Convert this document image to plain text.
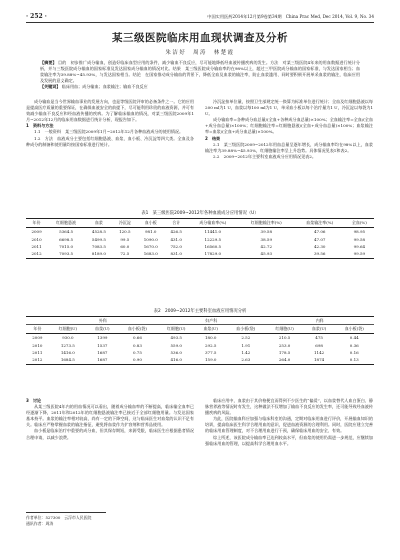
· 252 ·	中国实用医药2014年12月第9卷第34期　China Prac Med, Dec 2014, Vol. 9, No. 34
某三级医院临床用血现状调查及分析
朱洁好　周涛　林楚霞
【摘要】 目的　初步推广成分输血，创造好临床血型应用的条件，减少输血不良反应，尽可能地降低经血液传播疾病的发生。方法　对某三级医院4年来的用血数据进行统计分析，并与三级医院成分输血的国家标准及发达国家成分输血的情况对比。结果　某三级医院成分输血率约在98%以上，超过三甲医院成分输血的国家标准，与发达国家相当；血浆输注率为39.88%~45.93%，与发达国家相当。结论　在国家推动成分输血的背景下，降低全血及血浆的输注率，防止血浆滥用、同时要积极开展单采血浆的输注，临床应用及发展的意义确定。
【关键词】 临床用血；成分输血；血浆输注；输血不良反应

成分输血是当今世界输血事业的发展方向，也是等级医院评审的必备条件之一。它的应用是提高医疗质量的重要保证，在确保血液安全的前提下，尽可能利用珍贵的血液资源，并可有效减少输血不良反应和经血液传播的疾病。为了解临床输血的情况，对某三级医院2009年1月~2012年12月的临床用血数据进行统计分析，现报告如下。

1　资料与方法

1.1　一般资料　某三级医院2009年1月~2012年12月各种血液成分的使用情况。

1.2　方法　血液成分主要包括红细胞悬液、血浆、血小板、冷沉淀等四大类。全血及各种成分的制备和使用量均按国家标准进行统计。

冷沉淀按单位量，按照卫生部规定统一换算为标准单位进行统计；全血及红细胞悬液以每200 ml为1 U，血浆以每100 ml为1 U，单采血小板以每个治疗量为1 U，冷沉淀以每袋为1 U。

成分输血率=各种成分血总量/(全血+各种成分血总量)×100%；全血输注率=全血/(全血+成分血总量)×100%；红细胞输注率=红细胞悬液/(全血+成分血总量)×100%；血浆输注率=血浆/(全血+成分血总量)×100%。

2　结果

2.1　某三级医院2009~2012年用血总量呈逐年增长，成分输血率均在98%以上，血浆输注率为39.88%~45.93%，红细胞输注率呈上升趋势。具体情况见表1和表2。

2.2　2009~2012年主要科室血液成分应用情况见表2。

表1　某三级医院2009~2012年各种血液成分应用情况（U）
年份	红细胞悬液	血浆	冷沉淀	血小板	合计	成分输血率(%)	红细胞输注率(%)	血浆输注率(%)	全血(%)
2009	5364.5	4528.5	120.5	981.0	426.5	11441.0	39.58	47.06	98.95
2010	6698.5	5499.5	99.5	1090.0	431.0	12229.5	38.59	47.07	99.58
2011	7015.0	7083.5	60.0	1670.0	752.0	16560.5	42.72	42.30	99.64
2012	7093.5	8189.0	72.5	1683.0	831.0	17829.0	45.93	39.56	99.59
表2　2009~2012年主要科室血液应用情况分析
	外科			妇产科			内科		
年份	红细胞(U)	血浆(U)	血小板(袋)	红细胞(U)	血浆(U)	血小板(袋)	红细胞(U)	血浆(U)	血小板(袋)
2009	930.0	1399	0.66	493.5	180.0	2.52	210.5	475	0.44
2010	1273.5	1537	0.83	559.0	292.5	1.91	253.0	698	0.36
2011	1416.0	1687	0.75	536.0	377.5	1.42	178.5	1142	0.16
2012	1684.5	1687	0.90	416.0	159.0	2.63	264.0	1874	0.13

3　讨论

从某三级医院4年内的用血情况可以看出，随着成分输血率的不断提高，临床输全血率已经逐渐下降，2011年和2012年的红细胞悬液输注率已接近于全部红细胞用量。与发达国家基本持平。血浆的输注率相对较高，尚有一定的下降空间，这与临床医生对血浆的认识不足有关。临床应严格掌握血浆的输注指征，避免将血浆作为扩容剂和营养品使用。

血小板是临床治疗中重要的成分血，但其保存期短，来源受限，临床医生应根据患者情况合理申请，以减少浪费。

临床应用中，血浆由于其价格便宜而得到不少医生的“偏爱”，以血浆替代人血白蛋白、静脉营养液等情况时有发生，这种做法不仅增加了输血不良反应的发生率，还可能导致经血液传播疾病的风险。

为此，医院输血科应加强与临床科室的沟通，定期对临床用血进行评价，开展输血知识的培训，提高临床医生科学合理用血的意识，促进血液资源的合理利用。同时，医院应建立完善的临床用血管理制度，对不合理用血进行干预，确保临床用血的安全、有效。

综上所述，该医院成分输血率已达到较高水平，但血浆的使用仍需进一步规范，应继续加强临床用血的管理，以提高科学合理用血水平。

作者单位：527300　云浮市人民医院
通讯作者：周涛
